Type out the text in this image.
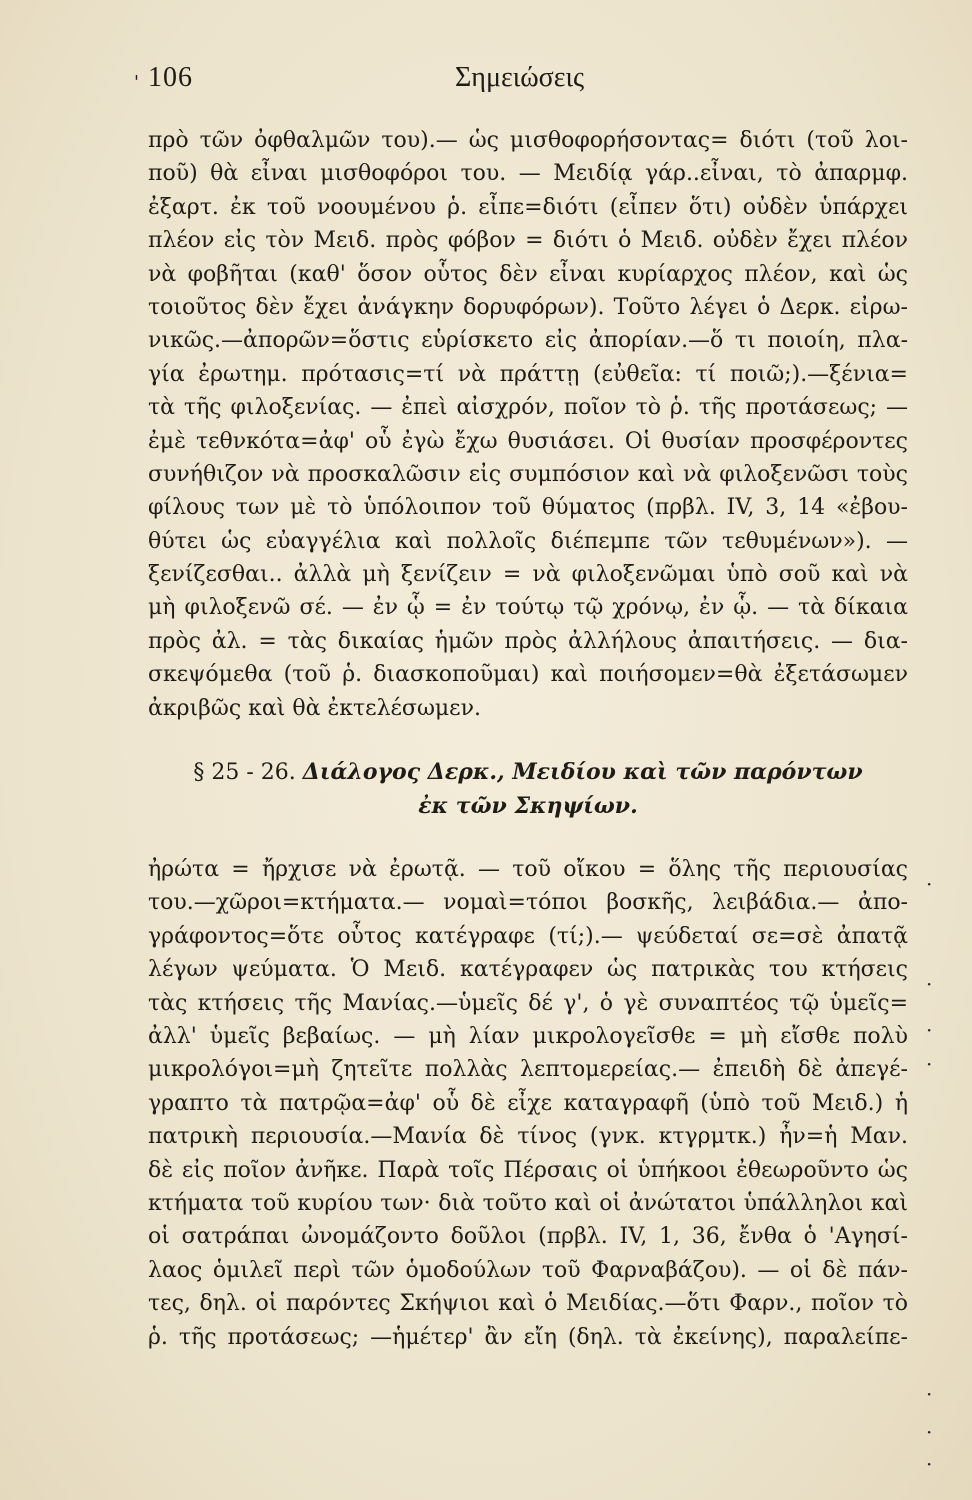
' 106	Σημειώσεις
πρὸ τῶν ὀφθαλμῶν του).— ὡς μισθοφορήσοντας= διότι (τοῦ λοι-
ποῦ) θὰ εἶναι μισθοφόροι του. — Μειδίᾳ γάρ..εἶναι, τὸ ἀπαρμφ.
ἐξαρτ. ἐκ τοῦ νοουμένου ῥ. εἶπε=διότι (εἶπεν ὅτι) οὐδὲν ὑπάρχει
πλέον εἰς τὸν Μειδ. πρὸς φόβον = διότι ὁ Μειδ. οὐδὲν ἔχει πλέον
νὰ φοβῆται (καθ' ὅσον οὗτος δὲν εἶναι κυρίαρχος πλέον, καὶ ὡς
τοιοῦτος δὲν ἔχει ἀνάγκην δορυφόρων). Τοῦτο λέγει ὁ Δερκ. εἰρω-
νικῶς.—ἀπορῶν=ὅστις εὑρίσκετο εἰς ἀπορίαν.—ὅ τι ποιοίη, πλα-
γία ἐρωτημ. πρότασις=τί νὰ πράττῃ (εὐθεῖα: τί ποιῶ;).—ξένια=
τὰ τῆς φιλοξενίας. — ἐπεὶ αἰσχρόν, ποῖον τὸ ῥ. τῆς προτάσεως; —
ἐμὲ τεθνκότα=ἀφ' οὗ ἐγὼ ἔχω θυσιάσει. Οἱ θυσίαν προσφέροντες
συνήθιζον νὰ προσκαλῶσιν εἰς συμπόσιον καὶ νὰ φιλοξενῶσι τοὺς
φίλους των μὲ τὸ ὑπόλοιπον τοῦ θύματος (πρβλ. IV, 3, 14 «ἐβου-
θύτει ὡς εὐαγγέλια καὶ πολλοῖς διέπεμπε τῶν τεθυμένων»). —
ξενίζεσθαι.. ἀλλὰ μὴ ξενίζειν = νὰ φιλοξενῶμαι ὑπὸ σοῦ καὶ νὰ
μὴ φιλοξενῶ σέ. — ἐν ᾧ = ἐν τούτῳ τῷ χρόνῳ, ἐν ᾧ. — τὰ δίκαια
πρὸς ἀλ. = τὰς δικαίας ἡμῶν πρὸς ἀλλήλους ἀπαιτήσεις. — δια-
σκεψόμεθα (τοῦ ῥ. διασκοποῦμαι) καὶ ποιήσομεν=θὰ ἐξετάσωμεν
ἀκριβῶς καὶ θὰ ἐκτελέσωμεν.
§ 25 - 26. Διάλογος Δερκ., Μειδίου καὶ τῶν παρόντων
ἐκ τῶν Σκηψίων.
ἠρώτα = ἤρχισε νὰ ἐρωτᾷ. — τοῦ οἴκου = ὅλης τῆς περιουσίας
του.—χῶροι=κτήματα.— νομαὶ=τόποι βοσκῆς, λειβάδια.— ἀπο-
γράφοντος=ὅτε οὗτος κατέγραφε (τί;).— ψεύδεταί σε=σὲ ἀπατᾷ
λέγων ψεύματα. Ὁ Μειδ. κατέγραφεν ὡς πατρικὰς του κτήσεις
τὰς κτήσεις τῆς Μανίας.—ὑμεῖς δέ γ', ὁ γὲ συναπτέος τῷ ὑμεῖς=
ἀλλ' ὑμεῖς βεβαίως. — μὴ λίαν μικρολογεῖσθε = μὴ εἴσθε πολὺ
μικρολόγοι=μὴ ζητεῖτε πολλὰς λεπτομερείας.— ἐπειδὴ δὲ ἀπεγέ-
γραπτο τὰ πατρῷα=ἀφ' οὗ δὲ εἶχε καταγραφῆ (ὑπὸ τοῦ Μειδ.) ἡ
πατρικὴ περιουσία.—Μανία δὲ τίνος (γνκ. κτγρμτκ.) ἦν=ἡ Μαν.
δὲ εἰς ποῖον ἀνῆκε. Παρὰ τοῖς Πέρσαις οἱ ὑπήκοοι ἐθεωροῦντο ὡς
κτήματα τοῦ κυρίου των· διὰ τοῦτο καὶ οἱ ἀνώτατοι ὑπάλληλοι καὶ
οἱ σατράπαι ὠνομάζοντο δοῦλοι (πρβλ. IV, 1, 36, ἔνθα ὁ 'Αγησί-
λαος ὁμιλεῖ περὶ τῶν ὁμοδούλων τοῦ Φαρναβάζου). — οἱ δὲ πάν-
τες, δηλ. οἱ παρόντες Σκήψιοι καὶ ὁ Μειδίας.—ὅτι Φαρν., ποῖον τὸ
ῥ. τῆς προτάσεως; —ἡμέτερ' ἂν εἴη (δηλ. τὰ ἐκείνης), παραλείπε-
·
·
·
·
·
·
·
